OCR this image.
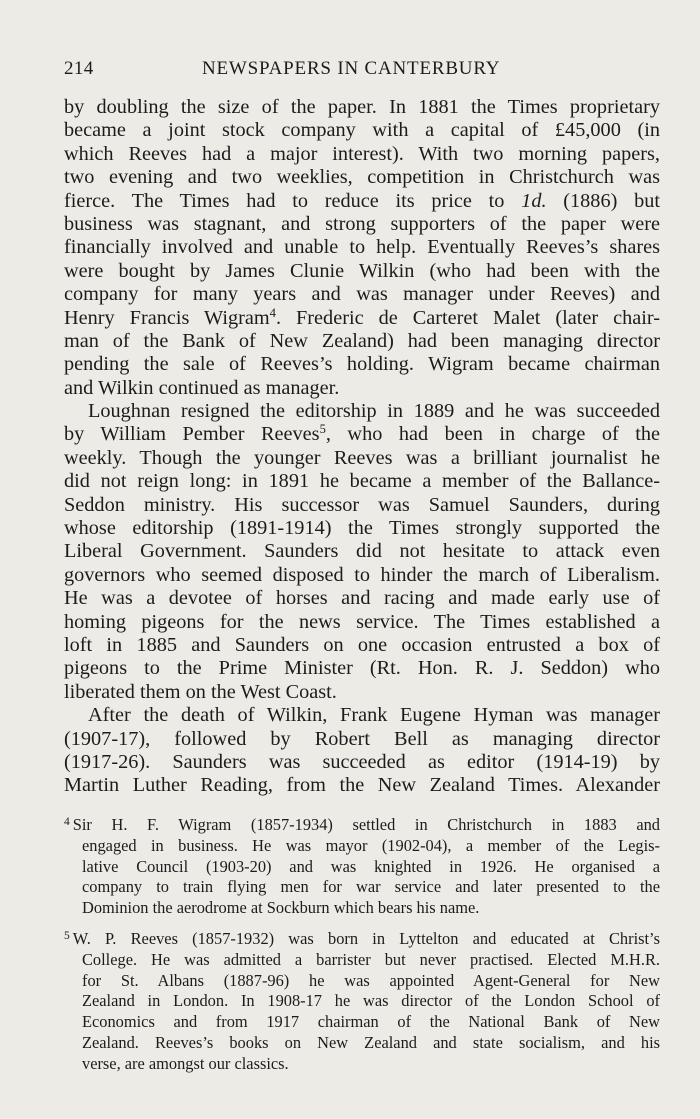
214	NEWSPAPERS IN CANTERBURY
by doubling the size of the paper. In 1881 the Times proprietary
became a joint stock company with a capital of £45,000 (in
which Reeves had a major interest). With two morning papers,
two evening and two weeklies, competition in Christchurch was
fierce. The Times had to reduce its price to 1d. (1886) but
business was stagnant, and strong supporters of the paper were
financially involved and unable to help. Eventually Reeves’s shares
were bought by James Clunie Wilkin (who had been with the
company for many years and was manager under Reeves) and
Henry Francis Wigram$^4$. Frederic de Carteret Malet (later chair-
man of the Bank of New Zealand) had been managing director
pending the sale of Reeves’s holding. Wigram became chairman
and Wilkin continued as manager.
Loughnan resigned the editorship in 1889 and he was succeeded
by William Pember Reeves$^5$, who had been in charge of the
weekly. Though the younger Reeves was a brilliant journalist he
did not reign long: in 1891 he became a member of the Ballance-
Seddon ministry. His successor was Samuel Saunders, during
whose editorship (1891-1914) the Times strongly supported the
Liberal Government. Saunders did not hesitate to attack even
governors who seemed disposed to hinder the march of Liberalism.
He was a devotee of horses and racing and made early use of
homing pigeons for the news service. The Times established a
loft in 1885 and Saunders on one occasion entrusted a box of
pigeons to the Prime Minister (Rt. Hon. R. J. Seddon) who
liberated them on the West Coast.
After the death of Wilkin, Frank Eugene Hyman was manager
(1907-17), followed by Robert Bell as managing director
(1917-26). Saunders was succeeded as editor (1914-19) by
Martin Luther Reading, from the New Zealand Times. Alexander
$^4$ Sir H. F. Wigram (1857-1934) settled in Christchurch in 1883 and
engaged in business. He was mayor (1902-04), a member of the Legis-
lative Council (1903-20) and was knighted in 1926. He organised a
company to train flying men for war service and later presented to the
Dominion the aerodrome at Sockburn which bears his name.
$^5$ W. P. Reeves (1857-1932) was born in Lyttelton and educated at Christ’s
College. He was admitted a barrister but never practised. Elected M.H.R.
for St. Albans (1887-96) he was appointed Agent-General for New
Zealand in London. In 1908-17 he was director of the London School of
Economics and from 1917 chairman of the National Bank of New
Zealand. Reeves’s books on New Zealand and state socialism, and his
verse, are amongst our classics.
